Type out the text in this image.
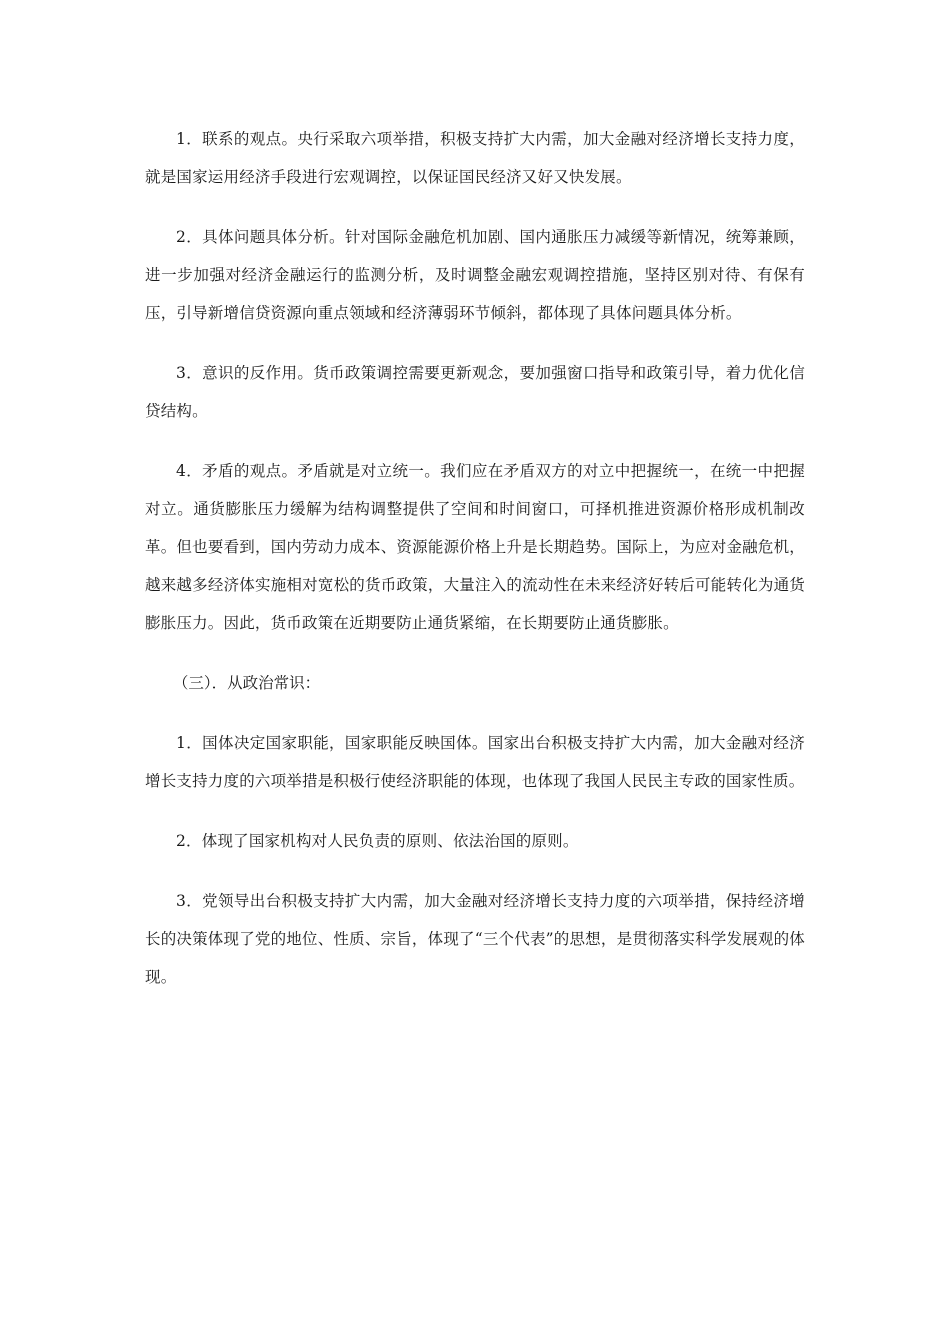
1．联系的观点。央行采取六项举措，积极支持扩大内需，加大金融对经济增长支持力度，就是国家运用经济手段进行宏观调控，以保证国民经济又好又快发展。

2．具体问题具体分析。针对国际金融危机加剧、国内通胀压力减缓等新情况，统筹兼顾，进一步加强对经济金融运行的监测分析，及时调整金融宏观调控措施，坚持区别对待、有保有压，引导新增信贷资源向重点领域和经济薄弱环节倾斜，都体现了具体问题具体分析。

3．意识的反作用。货币政策调控需要更新观念，要加强窗口指导和政策引导，着力优化信贷结构。

4．矛盾的观点。矛盾就是对立统一。我们应在矛盾双方的对立中把握统一，在统一中把握对立。通货膨胀压力缓解为结构调整提供了空间和时间窗口，可择机推进资源价格形成机制改革。但也要看到，国内劳动力成本、资源能源价格上升是长期趋势。国际上，为应对金融危机，越来越多经济体实施相对宽松的货币政策，大量注入的流动性在未来经济好转后可能转化为通货膨胀压力。因此，货币政策在近期要防止通货紧缩，在长期要防止通货膨胀。

（三）．从政治常识：

1．国体决定国家职能，国家职能反映国体。国家出台积极支持扩大内需，加大金融对经济增长支持力度的六项举措是积极行使经济职能的体现，也体现了我国人民民主专政的国家性质。

2．体现了国家机构对人民负责的原则、依法治国的原则。

3．党领导出台积极支持扩大内需，加大金融对经济增长支持力度的六项举措，保持经济增长的决策体现了党的地位、性质、宗旨，体现了“三个代表”的思想，是贯彻落实科学发展观的体现。
